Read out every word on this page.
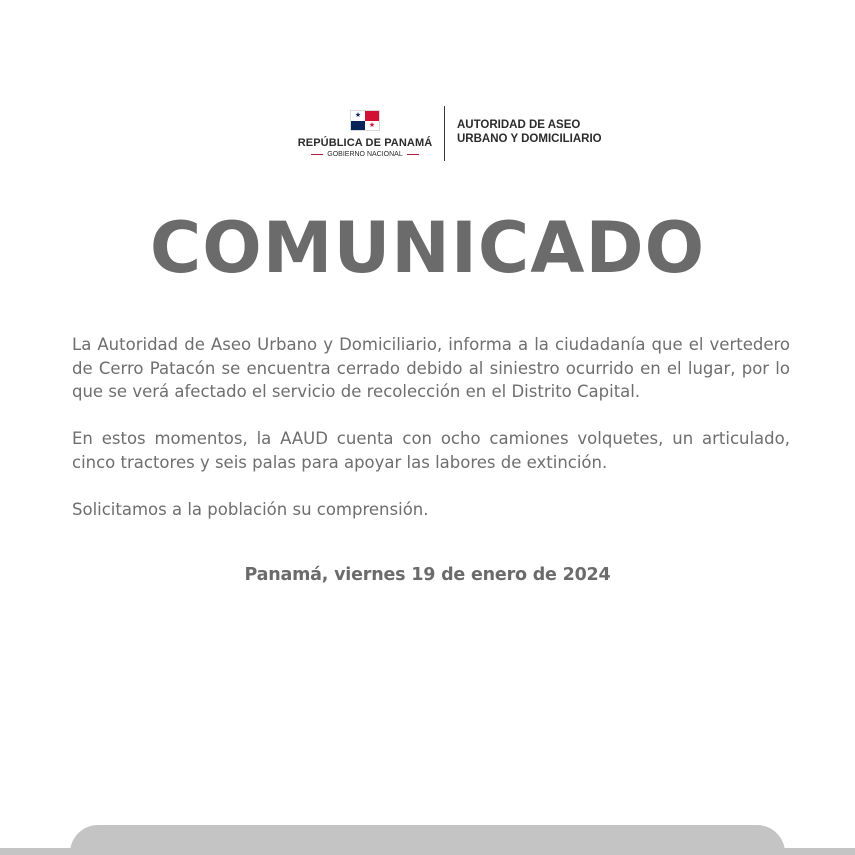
★
★
REPÚBLICA DE PANAMÁ
GOBIERNO NACIONAL
AUTORIDAD DE ASEO
URBANO Y DOMICILIARIO
COMUNICADO

La Autoridad de Aseo Urbano y Domiciliario, informa a la ciudadanía que el vertedero de Cerro Patacón se encuentra cerrado debido al siniestro ocurrido en el lugar, por lo que se verá afectado el servicio de recolección en el Distrito Capital.

En estos momentos, la AAUD cuenta con ocho camiones volquetes, un articulado, cinco tractores y seis palas para apoyar las labores de extinción.

Solicitamos a la población su comprensión.

Panamá, viernes 19 de enero de 2024
